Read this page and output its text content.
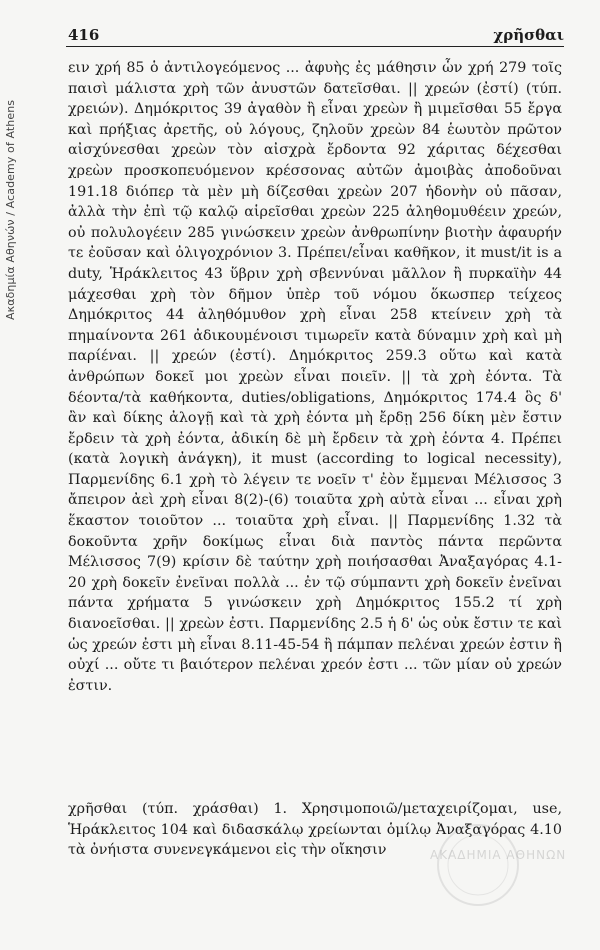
Ακαδημία Αθηνών / Academy of Athens
416	χρῆσθαι

ειν χρή 85 ὁ ἀντιλογεόμενος ... ἀφυὴς ἐς μάθησιν ὧν χρή 279 τοῖς παισὶ μάλιστα χρὴ τῶν ἀνυστῶν δατεῖσθαι. || χρεών (ἐστί) (τύπ. χρειών). Δημόκριτος 39 ἀγαθὸν ἢ εἶναι χρεὼν ἢ μιμεῖσθαι 55 ἔργα καὶ πρήξιας ἀρετῆς, οὐ λόγους, ζηλοῦν χρεὼν 84 ἑωυτὸν πρῶτον αἰσχύνεσθαι χρεὼν τὸν αἰσχρὰ ἔρδοντα 92 χάριτας δέχεσθαι χρεὼν προσκοπευόμενον κρέσσονας αὐτῶν ἀμοιβὰς ἀποδοῦναι 191.18 διόπερ τὰ μὲν μὴ δίζεσθαι χρεὼν 207 ἡδονὴν οὐ πᾶσαν, ἀλλὰ τὴν ἐπὶ τῷ καλῷ αἱρεῖσθαι χρεὼν 225 ἀληθομυθέειν χρεών, οὐ πολυλογέειν 285 γινώσκειν χρεὼν ἀνθρωπίνην βιοτὴν ἀφαυρήν τε ἐοῦσαν καὶ ὀλιγοχρόνιον 3. Πρέπει/εἶναι καθῆκον, it must/it is a duty, Ἡράκλειτος 43 ὕβριν χρὴ σβεννύναι μᾶλλον ἢ πυρκαϊὴν 44 μάχεσθαι χρὴ τὸν δῆμον ὑπὲρ τοῦ νόμου ὅκωσπερ τείχεος Δημόκριτος 44 ἀληθόμυθον χρὴ εἶναι 258 κτείνειν χρὴ τὰ πημαίνοντα 261 ἀδικουμένοισι τιμωρεῖν κατὰ δύναμιν χρὴ καὶ μὴ παρίέναι. || χρεών (ἐστί). Δημόκριτος 259.3 οὕτω καὶ κατὰ ἀνθρώπων δοκεῖ μοι χρεὼν εἶναι ποιεῖν. || τὰ χρὴ ἐόντα. Τὰ δέοντα/τὰ καθήκοντα, duties/obligations, Δημόκριτος 174.4 ὃς δ' ἂν καὶ δίκης ἀλογῇ καὶ τὰ χρὴ ἐόντα μὴ ἔρδῃ 256 δίκη μὲν ἔστιν ἔρδειν τὰ χρὴ ἐόντα, ἀδικίη δὲ μὴ ἔρδειν τὰ χρὴ ἐόντα 4. Πρέπει (κατὰ λογικὴ ἀνάγκη), it must (according to logical necessity), Παρμενίδης 6.1 χρὴ τὸ λέγειν τε νοεῖν τ' ἐὸν ἔμμεναι Μέλισσος 3 ἄπειρον ἀεὶ χρὴ εἶναι 8(2)-(6) τοιαῦτα χρὴ αὐτὰ εἶναι ... εἶναι χρὴ ἕκαστον τοιοῦτον ... τοιαῦτα χρὴ εἶναι. || Παρμενίδης 1.32 τὰ δοκοῦντα χρῆν δοκίμως εἶναι διὰ παντὸς πάντα περῶντα Μέλισσος 7(9) κρίσιν δὲ ταύτην χρὴ ποιήσασθαι Ἀναξαγόρας 4.1-20 χρὴ δοκεῖν ἐνεῖναι πολλὰ ... ἐν τῷ σύμπαντι χρὴ δοκεῖν ἐνεῖναι πάντα χρήματα 5 γινώσκειν χρὴ Δημόκριτος 155.2 τί χρὴ διανοεῖσθαι. || χρεὼν ἐστι. Παρμενίδης 2.5 ἡ δ' ὡς οὐκ ἔστιν τε καὶ ὡς χρεών ἐστι μὴ εἶναι 8.11-45-54 ἢ πάμπαν πελέναι χρεών ἐστιν ἢ οὐχί ... οὔτε τι βαιότερον πελέναι χρεόν ἐστι ... τῶν μίαν οὐ χρεών ἐστιν.

χρῆσθαι (τύπ. χράσθαι) 1. Χρησιμοποιῶ/μεταχειρίζομαι, use, Ἡράκλειτος 104 καὶ διδασκάλῳ χρείωνται ὁμίλῳ Ἀναξαγόρας 4.10 τὰ ὀνήιστα συνενεγκάμενοι εἰς τὴν οἴκησιν	ΑΚΑΔΗΜΙΑ ΑΘΗΝΩΝ
